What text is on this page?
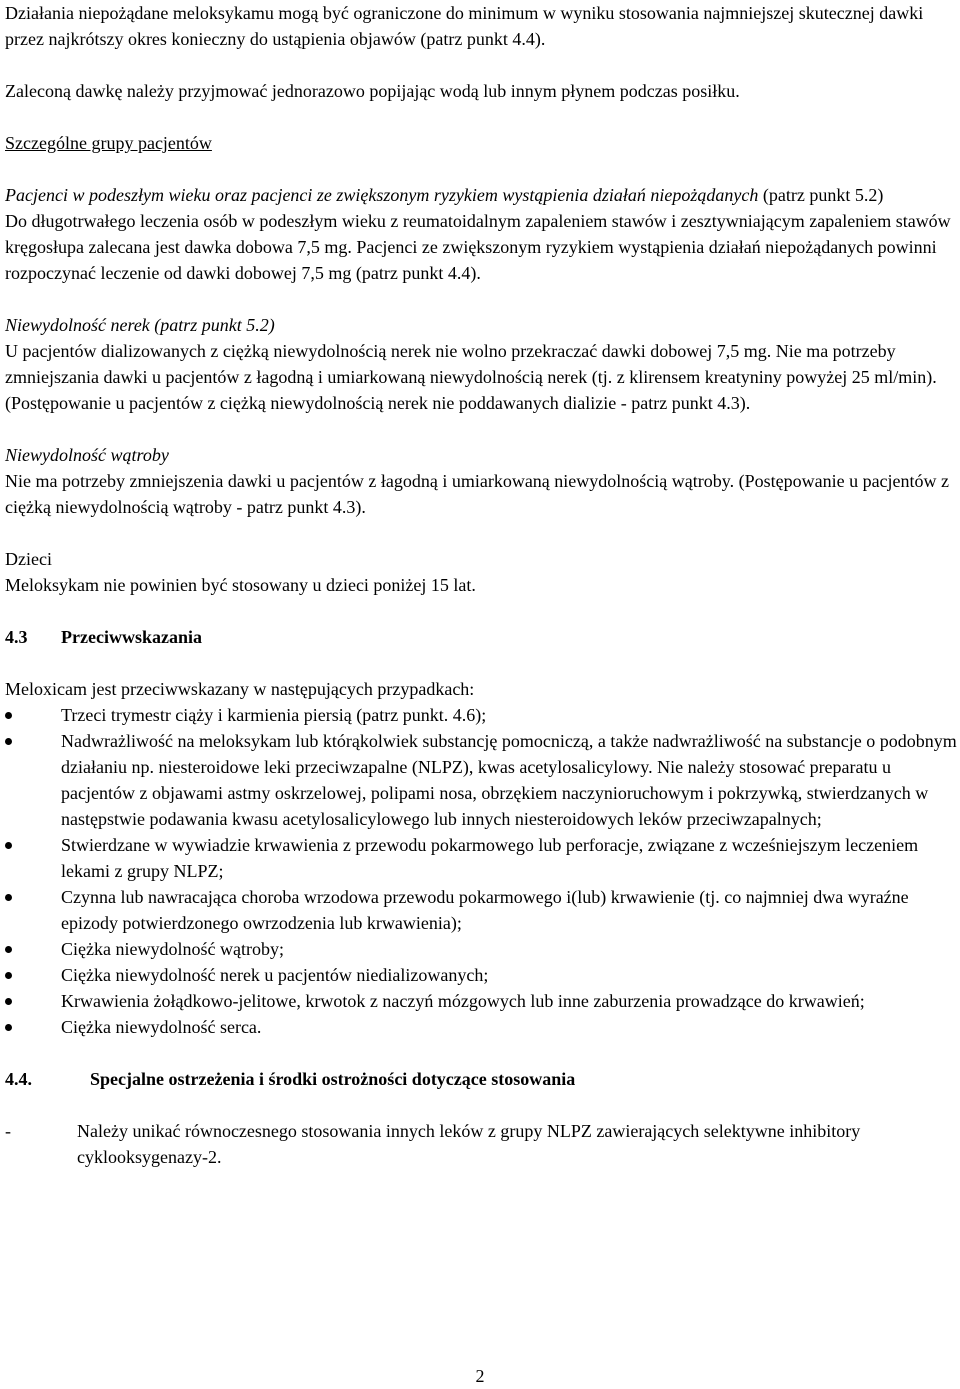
Działania niepożądane meloksykamu mogą być ograniczone do minimum w wyniku stosowania najmniejszej skutecznej dawki przez najkrótszy okres konieczny do ustąpienia objawów (patrz punkt 4.4).

Zaleconą dawkę należy przyjmować jednorazowo popijając wodą lub innym płynem podczas posiłku.

Szczególne grupy pacjentów

Pacjenci w podeszłym wieku oraz pacjenci ze zwiększonym ryzykiem wystąpienia działań niepożądanych (patrz punkt 5.2)

Do długotrwałego leczenia osób w podeszłym wieku z reumatoidalnym zapaleniem stawów i zesztywniającym zapaleniem stawów kręgosłupa zalecana jest dawka dobowa 7,5 mg. Pacjenci ze zwiększonym ryzykiem wystąpienia działań niepożądanych powinni rozpoczynać leczenie od dawki dobowej 7,5 mg (patrz punkt 4.4).

Niewydolność nerek (patrz punkt 5.2)

U pacjentów dializowanych z ciężką niewydolnością nerek nie wolno przekraczać dawki dobowej 7,5 mg. Nie ma potrzeby zmniejszania dawki u pacjentów z łagodną i umiarkowaną niewydolnością nerek (tj. z klirensem kreatyniny powyżej 25 ml/min). (Postępowanie u pacjentów z ciężką niewydolnością nerek nie poddawanych dializie - patrz punkt 4.3).

Niewydolność wątroby

Nie ma potrzeby zmniejszenia dawki u pacjentów z łagodną i umiarkowaną niewydolnością wątroby. (Postępowanie u pacjentów z ciężką niewydolnością wątroby - patrz punkt 4.3).

Dzieci

Meloksykam nie powinien być stosowany u dzieci poniżej 15 lat.

4.3 Przeciwwskazania

Meloxicam jest przeciwwskazany w następujących przypadkach:

Trzeci trymestr ciąży i karmienia piersią (patrz punkt. 4.6);
Nadwrażliwość na meloksykam lub którąkolwiek substancję pomocniczą, a także nadwrażliwość na substancje o podobnym działaniu np. niesteroidowe leki przeciwzapalne (NLPZ), kwas acetylosalicylowy. Nie należy stosować preparatu u pacjentów z objawami astmy oskrzelowej, polipami nosa, obrzękiem naczynioruchowym i pokrzywką, stwierdzanych w następstwie podawania kwasu acetylosalicylowego lub innych niesteroidowych leków przeciwzapalnych;
Stwierdzane w wywiadzie krwawienia z przewodu pokarmowego lub perforacje, związane z wcześniejszym leczeniem lekami z grupy NLPZ;
Czynna lub nawracająca choroba wrzodowa przewodu pokarmowego i(lub) krwawienie (tj. co najmniej dwa wyraźne epizody potwierdzonego owrzodzenia lub krwawienia);
Ciężka niewydolność wątroby;
Ciężka niewydolność nerek u pacjentów niedializowanych;
Krwawienia żołądkowo-jelitowe, krwotok z naczyń mózgowych lub inne zaburzenia prowadzące do krwawień;
Ciężka niewydolność serca.

4.4.	Specjalne ostrzeżenia i środki ostrożności dotyczące stosowania

-	Należy unikać równoczesnego stosowania innych leków z grupy NLPZ zawierających selektywne inhibitory cyklooksygenazy-2.

2
